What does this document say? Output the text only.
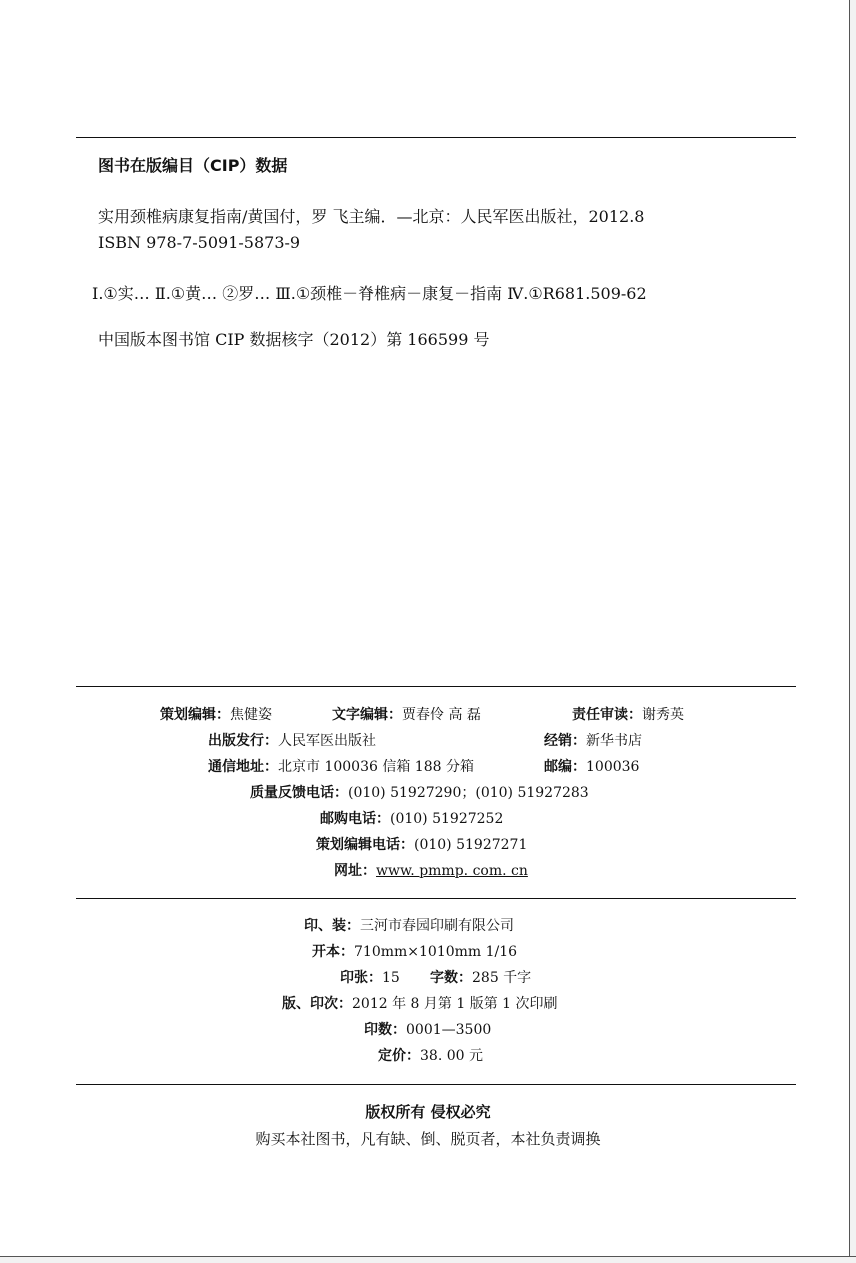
图书在版编目（CIP）数据
实用颈椎病康复指南/黄国付，罗 飞主编．—北京：人民军医出版社，2012.8
ISBN 978-7-5091-5873-9
Ⅰ.①实… Ⅱ.①黄… ②罗… Ⅲ.①颈椎－脊椎病－康复－指南 Ⅳ.①R681.509-62
中国版本图书馆 CIP 数据核字（2012）第 166599 号
策划编辑：焦健姿	文字编辑：贾春伶 高 磊	责任审读：谢秀英
出版发行：人民军医出版社	经销：新华书店
通信地址：北京市 100036 信箱 188 分箱	邮编：100036
质量反馈电话：(010) 51927290；(010) 51927283
邮购电话：(010) 51927252
策划编辑电话：(010) 51927271
网址：www. pmmp. com. cn
印、装：三河市春园印刷有限公司
开本：710mm×1010mm 1/16
印张：15 字数：285 千字
版、印次：2012 年 8 月第 1 版第 1 次印刷
印数：0001—3500
定价：38. 00 元
版权所有 侵权必究
购买本社图书，凡有缺、倒、脱页者，本社负责调换
